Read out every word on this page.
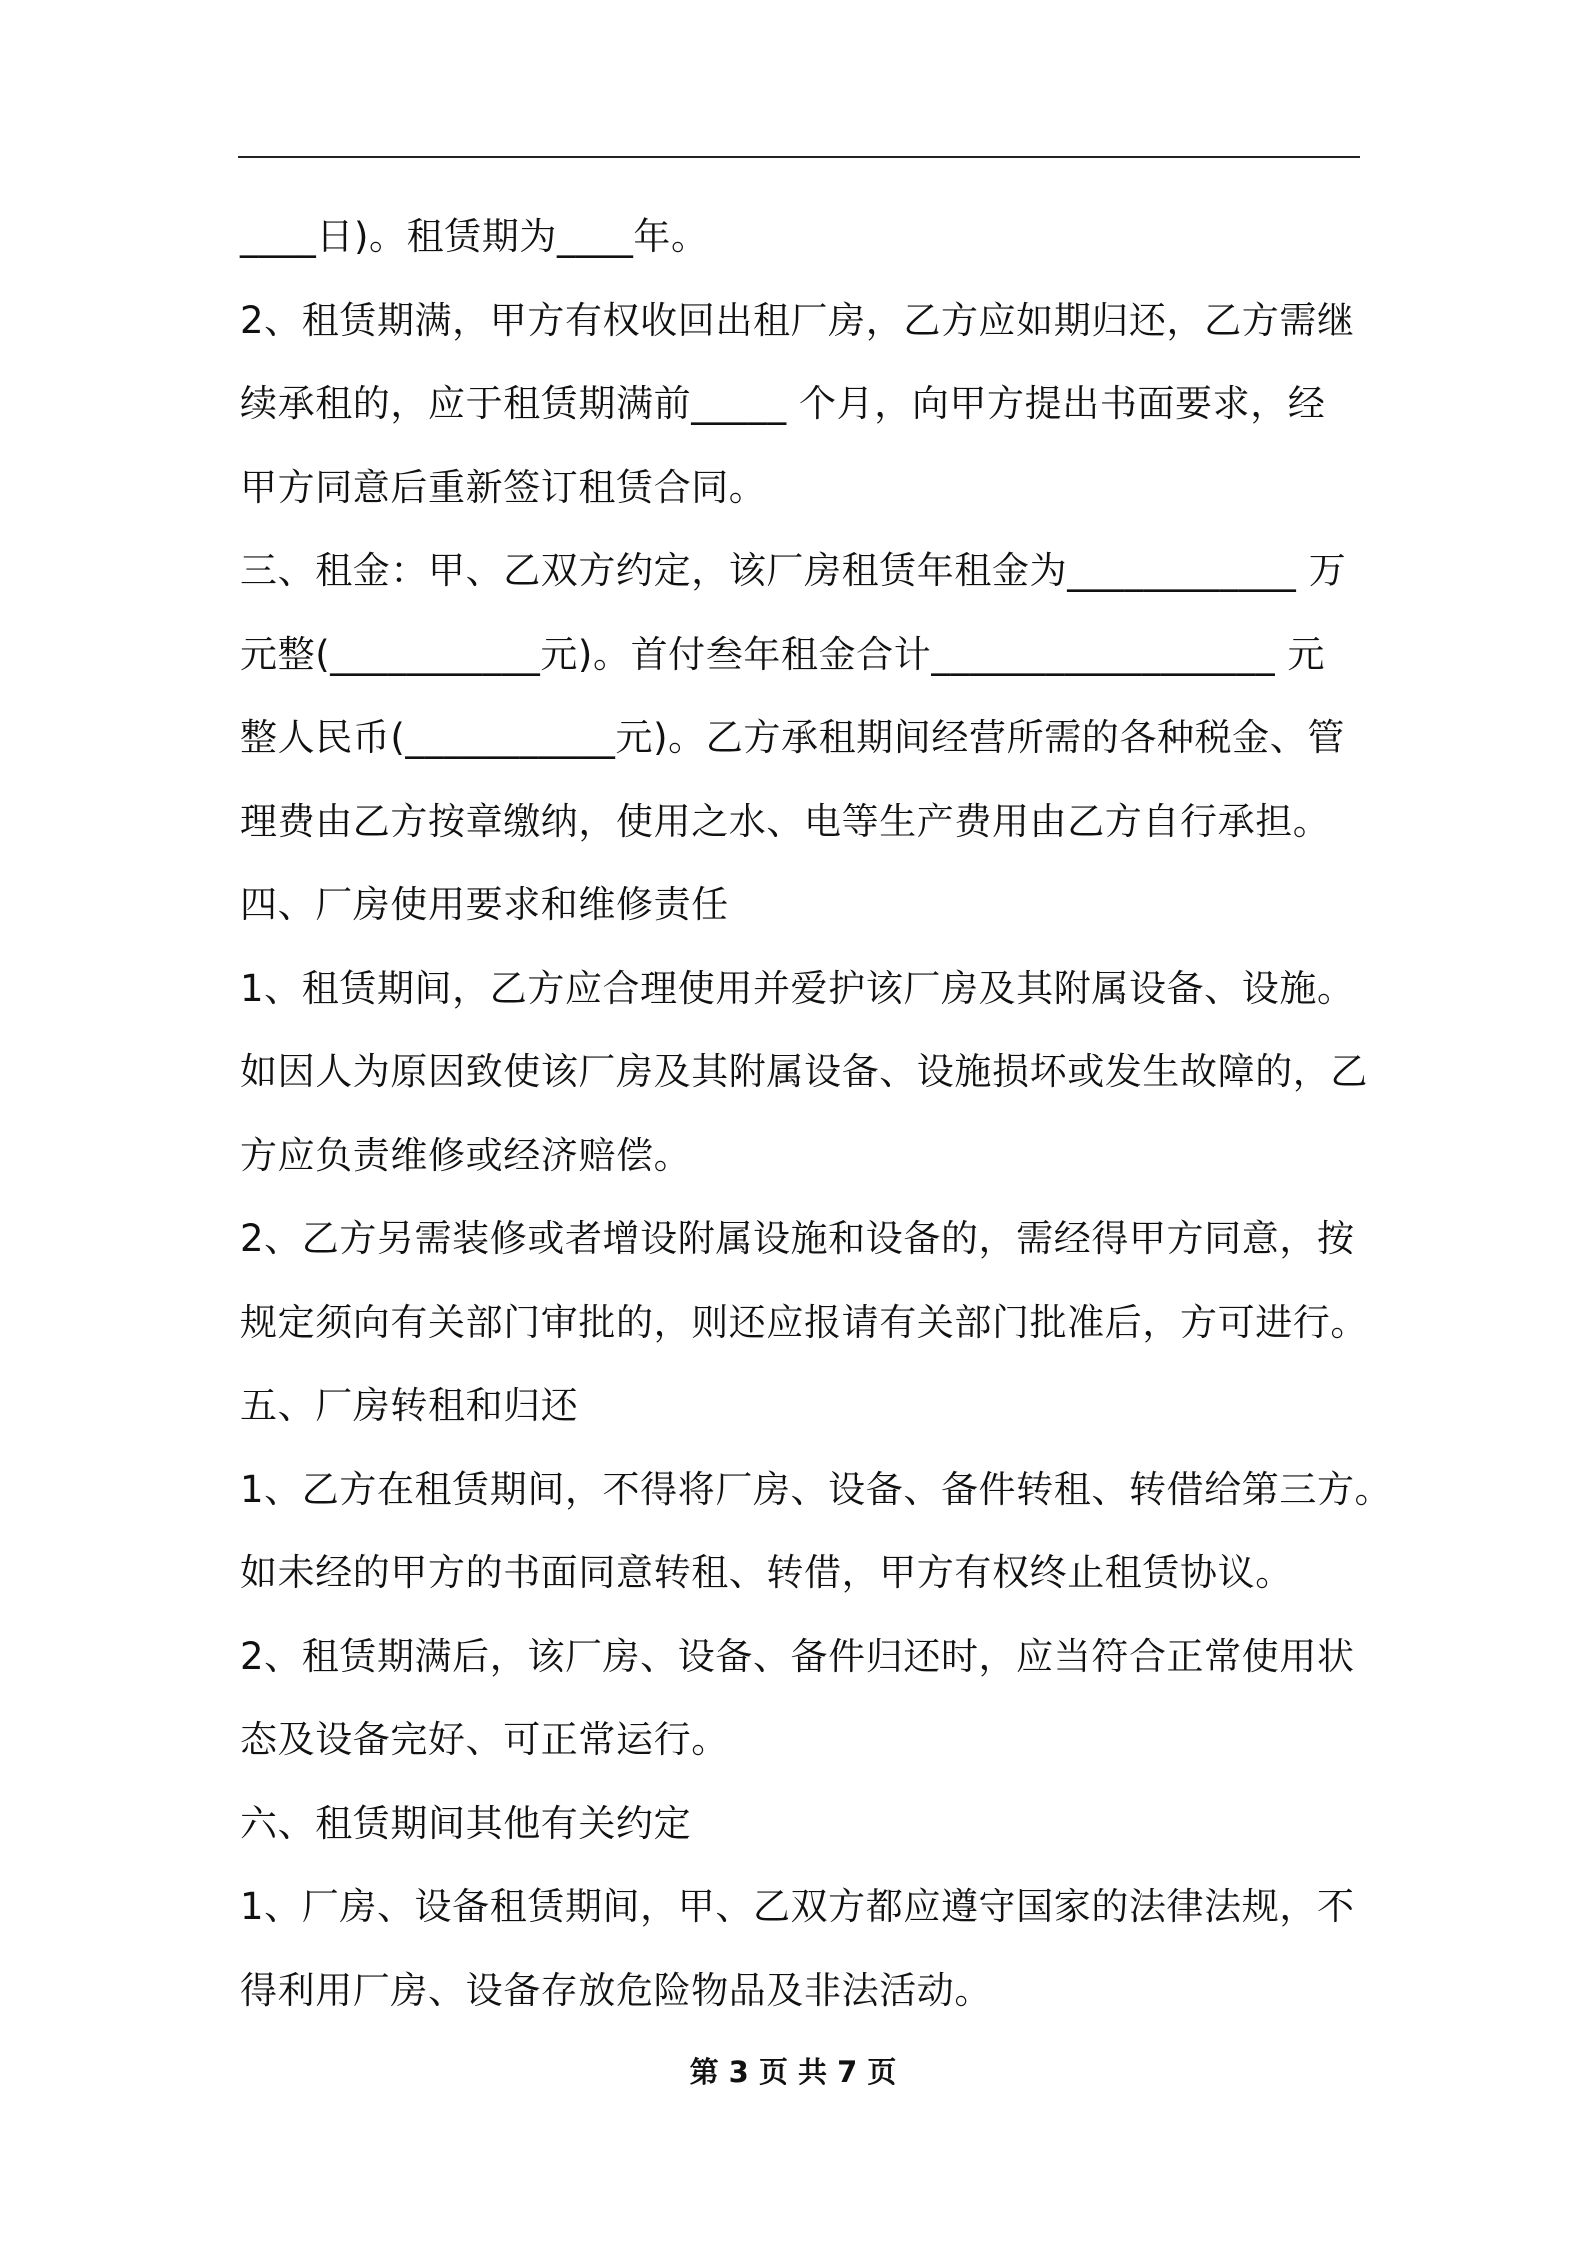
____日)。租赁期为____年。
2、租赁期满，甲方有权收回出租厂房，乙方应如期归还，乙方需继
续承租的，应于租赁期满前_____ 个月，向甲方提出书面要求，经
甲方同意后重新签订租赁合同。
三、租金：甲、乙双方约定，该厂房租赁年租金为____________ 万
元整(___________元)。首付叁年租金合计__________________ 元
整人民币(___________元)。乙方承租期间经营所需的各种税金、管
理费由乙方按章缴纳，使用之水、电等生产费用由乙方自行承担。
四、厂房使用要求和维修责任
1、租赁期间，乙方应合理使用并爱护该厂房及其附属设备、设施。
如因人为原因致使该厂房及其附属设备、设施损坏或发生故障的，乙
方应负责维修或经济赔偿。
2、乙方另需装修或者增设附属设施和设备的，需经得甲方同意，按
规定须向有关部门审批的，则还应报请有关部门批准后，方可进行。
五、厂房转租和归还
1、乙方在租赁期间，不得将厂房、设备、备件转租、转借给第三方。
如未经的甲方的书面同意转租、转借，甲方有权终止租赁协议。
2、租赁期满后，该厂房、设备、备件归还时，应当符合正常使用状
态及设备完好、可正常运行。
六、租赁期间其他有关约定
1、厂房、设备租赁期间，甲、乙双方都应遵守国家的法律法规，不
得利用厂房、设备存放危险物品及非法活动。
第 3 页 共 7 页
